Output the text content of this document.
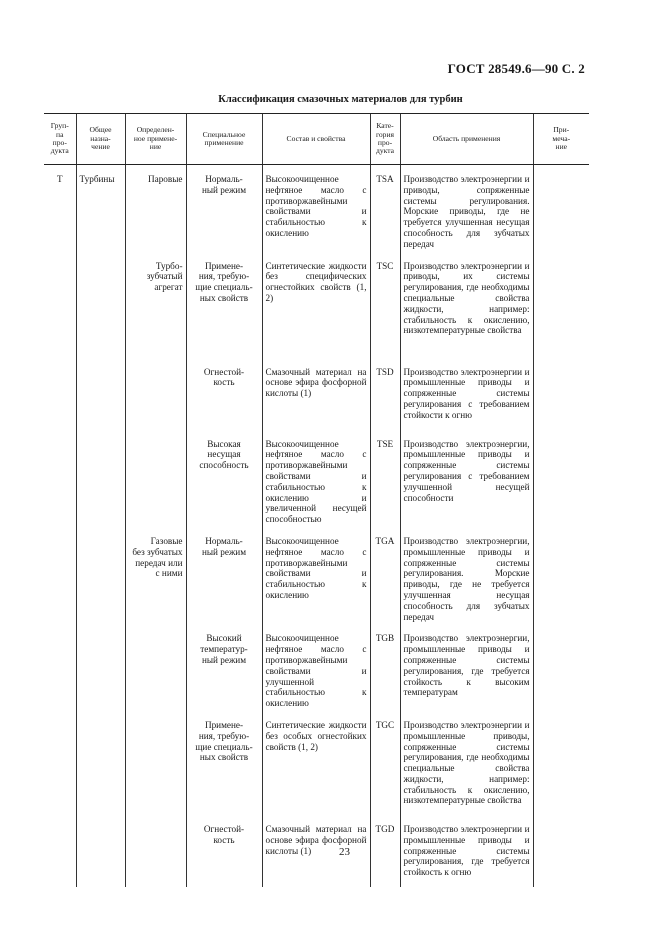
ГОСТ 28549.6—90 С. 2
Классификация смазочных материалов для турбин
Груп-
па
про-
дукта	Общее
назна-
чение	Определен-
ное примене-
ние	Специальное
применение	Состав и свойства	Кате-
гория
про-
дукта	Область применения	При-
меча-
ние
T	Турбины	Паровые	Нормаль-
ный режим	Высокоочищенное нефтяное масло с противоржавейными свойствами и стабильностью к окислению	TSA	Производство электроэнергии и приводы, сопряженные системы регулирования. Морские приводы, где не требуется улучшенная несущая способность для зубчатых передач	
		Турбо-
зубчатый
агрегат	Примене-
ния, требую-
щие специаль-
ных свойств	Синтетические жидкости без специфических огнестойких свойств (1, 2)	TSC	Производство электроэнергии и приводы, их системы регулирования, где необходимы специальные свойства жидкости, например: стабильность к окислению, низкотемпературные свойства	
			Огнестой-
кость	Смазочный материал на основе эфира фосфорной кислоты (1)	TSD	Производство электроэнергии и промышленные приводы и сопряженные системы регулирования с требованием стойкости к огню	
			Высокая
несущая
способность	Высокоочищенное нефтяное масло с противоржавейными свойствами и стабильностью к окислению и увеличенной несущей способностью	TSE	Производство электроэнергии, промышленные приводы и сопряженные системы регулирования с требованием улучшенной несущей способности	
		Газовые
без зубчатых
передач или
с ними	Нормаль-
ный режим	Высокоочищенное нефтяное масло с противоржавейными свойствами и стабильностью к окислению	TGA	Производство электроэнергии, промышленные приводы и сопряженные системы регулирования. Морские приводы, где не требуется улучшенная несущая способность для зубчатых передач	
			Высокий
температур-
ный режим	Высокоочищенное нефтяное масло с противоржавейными свойствами и улучшенной стабильностью к окислению	TGB	Производство электроэнергии, промышленные приводы и сопряженные системы регулирования, где требуется стойкость к высоким температурам	
			Примене-
ния, требую-
щие специаль-
ных свойств	Синтетические жидкости без особых огнестойких свойств (1, 2)	TGC	Производство электроэнергии и промышленные приводы, сопряженные системы регулирования, где необходимы специальные свойства жидкости, например: стабильность к окислению, низкотемпературные свойства	
			Огнестой-
кость	Смазочный материал на основе эфира фосфорной кислоты (1)	TGD	Производство электроэнергии и промышленные приводы и сопряженные системы регулирования, где требуется стойкость к огню	
23
